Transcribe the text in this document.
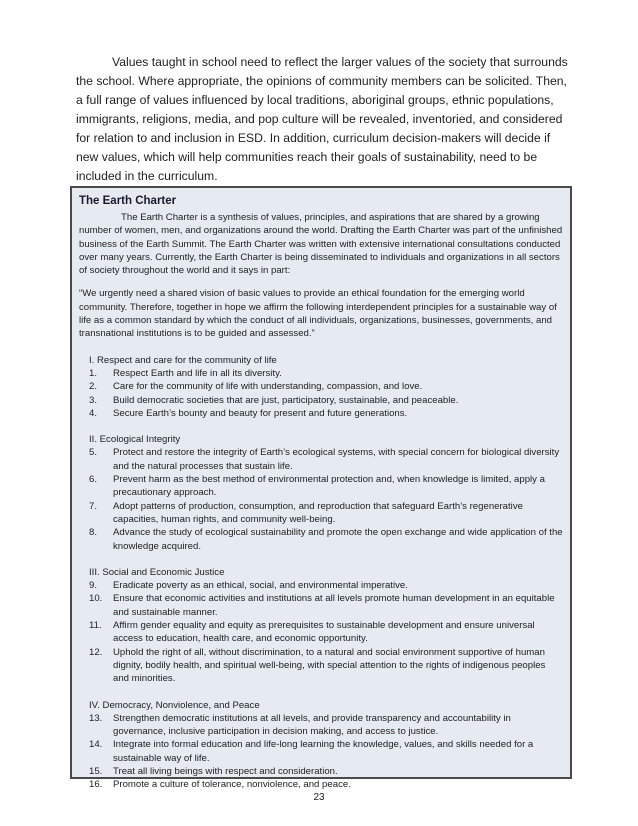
Values taught in school need to reflect the larger values of the society that surrounds the school. Where appropriate, the opinions of community members can be solicited. Then, a full range of values influenced by local traditions, aboriginal groups, ethnic populations, immigrants, religions, media, and pop culture will be revealed, inventoried, and considered for relation to and inclusion in ESD. In addition, curriculum decision-makers will decide if new values, which will help communities reach their goals of sustainability, need to be included in the curriculum.

The Earth Charter

The Earth Charter is a synthesis of values, principles, and aspirations that are shared by a growing number of women, men, and organizations around the world. Drafting the Earth Charter was part of the unfinished business of the Earth Summit. The Earth Charter was written with extensive international consultations conducted over many years. Currently, the Earth Charter is being disseminated to individuals and organizations in all sectors of society throughout the world and it says in part:

“We urgently need a shared vision of basic values to provide an ethical foundation for the emerging world community. Therefore, together in hope we affirm the following interdependent principles for a sustainable way of life as a common standard by which the conduct of all individuals, organizations, businesses, governments, and transnational institutions is to be guided and assessed.”

I. Respect and care for the community of life

1.	Respect Earth and life in all its diversity.
2.	Care for the community of life with understanding, compassion, and love.
3.	Build democratic societies that are just, participatory, sustainable, and peaceable.
4.	Secure Earth’s bounty and beauty for present and future generations.

II. Ecological Integrity

5.	Protect and restore the integrity of Earth’s ecological systems, with special concern for biological diversity and the natural processes that sustain life.
6.	Prevent harm as the best method of environmental protection and, when knowledge is limited, apply a precautionary approach.
7.	Adopt patterns of production, consumption, and reproduction that safeguard Earth’s regenerative capacities, human rights, and community well-being.
8.	Advance the study of ecological sustainability and promote the open exchange and wide application of the knowledge acquired.

III. Social and Economic Justice

9.	Eradicate poverty as an ethical, social, and environmental imperative.
10.	Ensure that economic activities and institutions at all levels promote human development in an equitable and sustainable manner.
11.	Affirm gender equality and equity as prerequisites to sustainable development and ensure universal access to education, health care, and economic opportunity.
12.	Uphold the right of all, without discrimination, to a natural and social environment supportive of human dignity, bodily health, and spiritual well-being, with special attention to the rights of indigenous peoples and minorities.

IV. Democracy, Nonviolence, and Peace

13.	Strengthen democratic institutions at all levels, and provide transparency and accountability in governance, inclusive participation in decision making, and access to justice.
14.	Integrate into formal education and life-long learning the knowledge, values, and skills needed for a sustainable way of life.
15.	Treat all living beings with respect and consideration.
16.	Promote a culture of tolerance, nonviolence, and peace.
23
